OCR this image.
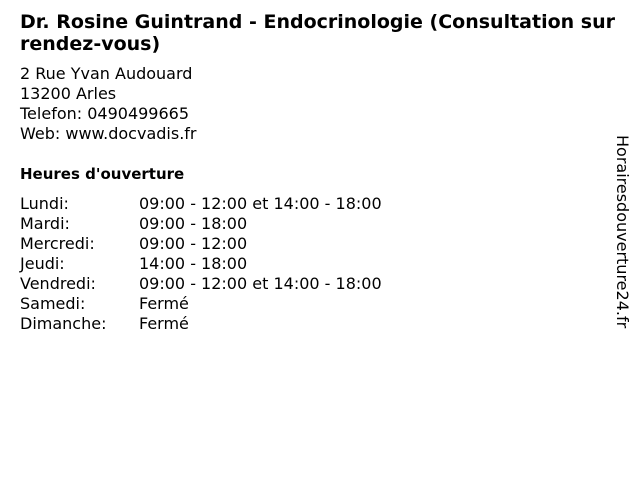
Dr. Rosine Guintrand - Endocrinologie (Consultation sur rendez-vous)
2 Rue Yvan Audouard
13200 Arles
Telefon: 0490499665
Web: www.docvadis.fr
Heures d'ouverture
Lundi:	09:00 - 12:00 et 14:00 - 18:00
Mardi:	09:00 - 18:00
Mercredi:	09:00 - 12:00
Jeudi:	14:00 - 18:00
Vendredi:	09:00 - 12:00 et 14:00 - 18:00
Samedi:	Fermé
Dimanche:	Fermé	Horairesdouverture24.fr
